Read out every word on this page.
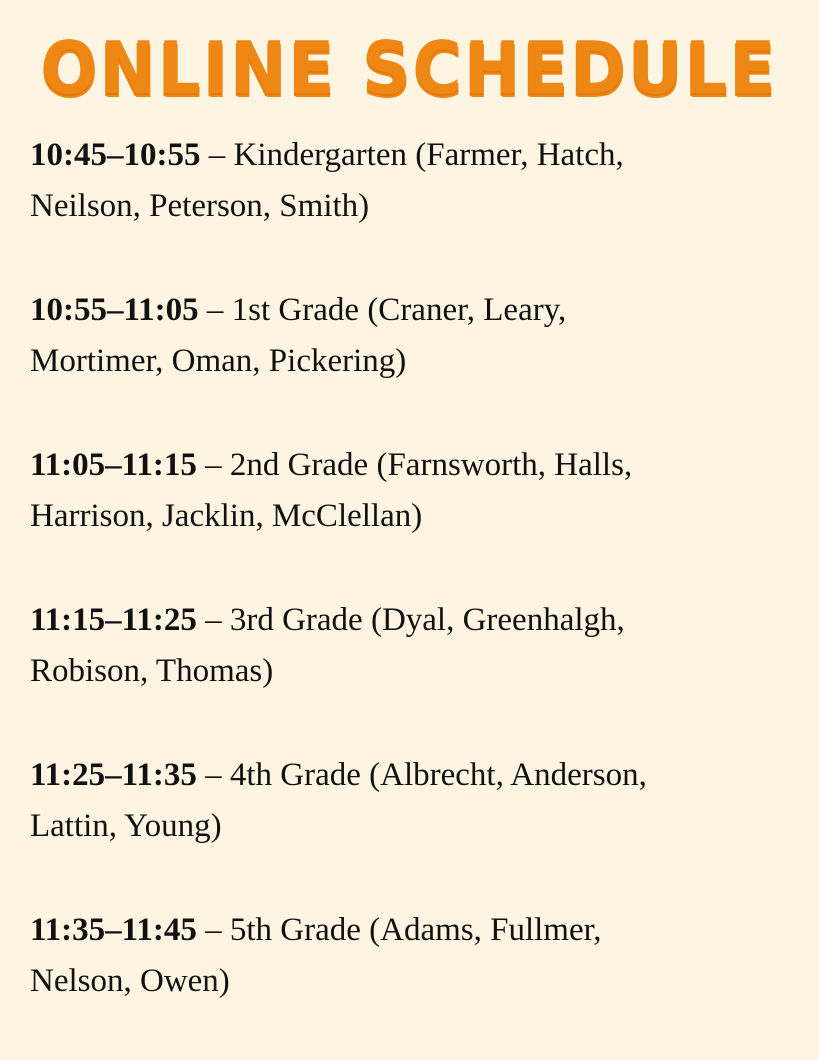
ONLINE SCHEDULE
10:45–10:55 – Kindergarten (Farmer, Hatch,
Neilson, Peterson, Smith)
10:55–11:05 – 1st Grade (Craner, Leary,
Mortimer, Oman, Pickering)
11:05–11:15 – 2nd Grade (Farnsworth, Halls,
Harrison, Jacklin, McClellan)
11:15–11:25 – 3rd Grade (Dyal, Greenhalgh,
Robison, Thomas)
11:25–11:35 – 4th Grade (Albrecht, Anderson,
Lattin, Young)
11:35–11:45 – 5th Grade (Adams, Fullmer,
Nelson, Owen)
